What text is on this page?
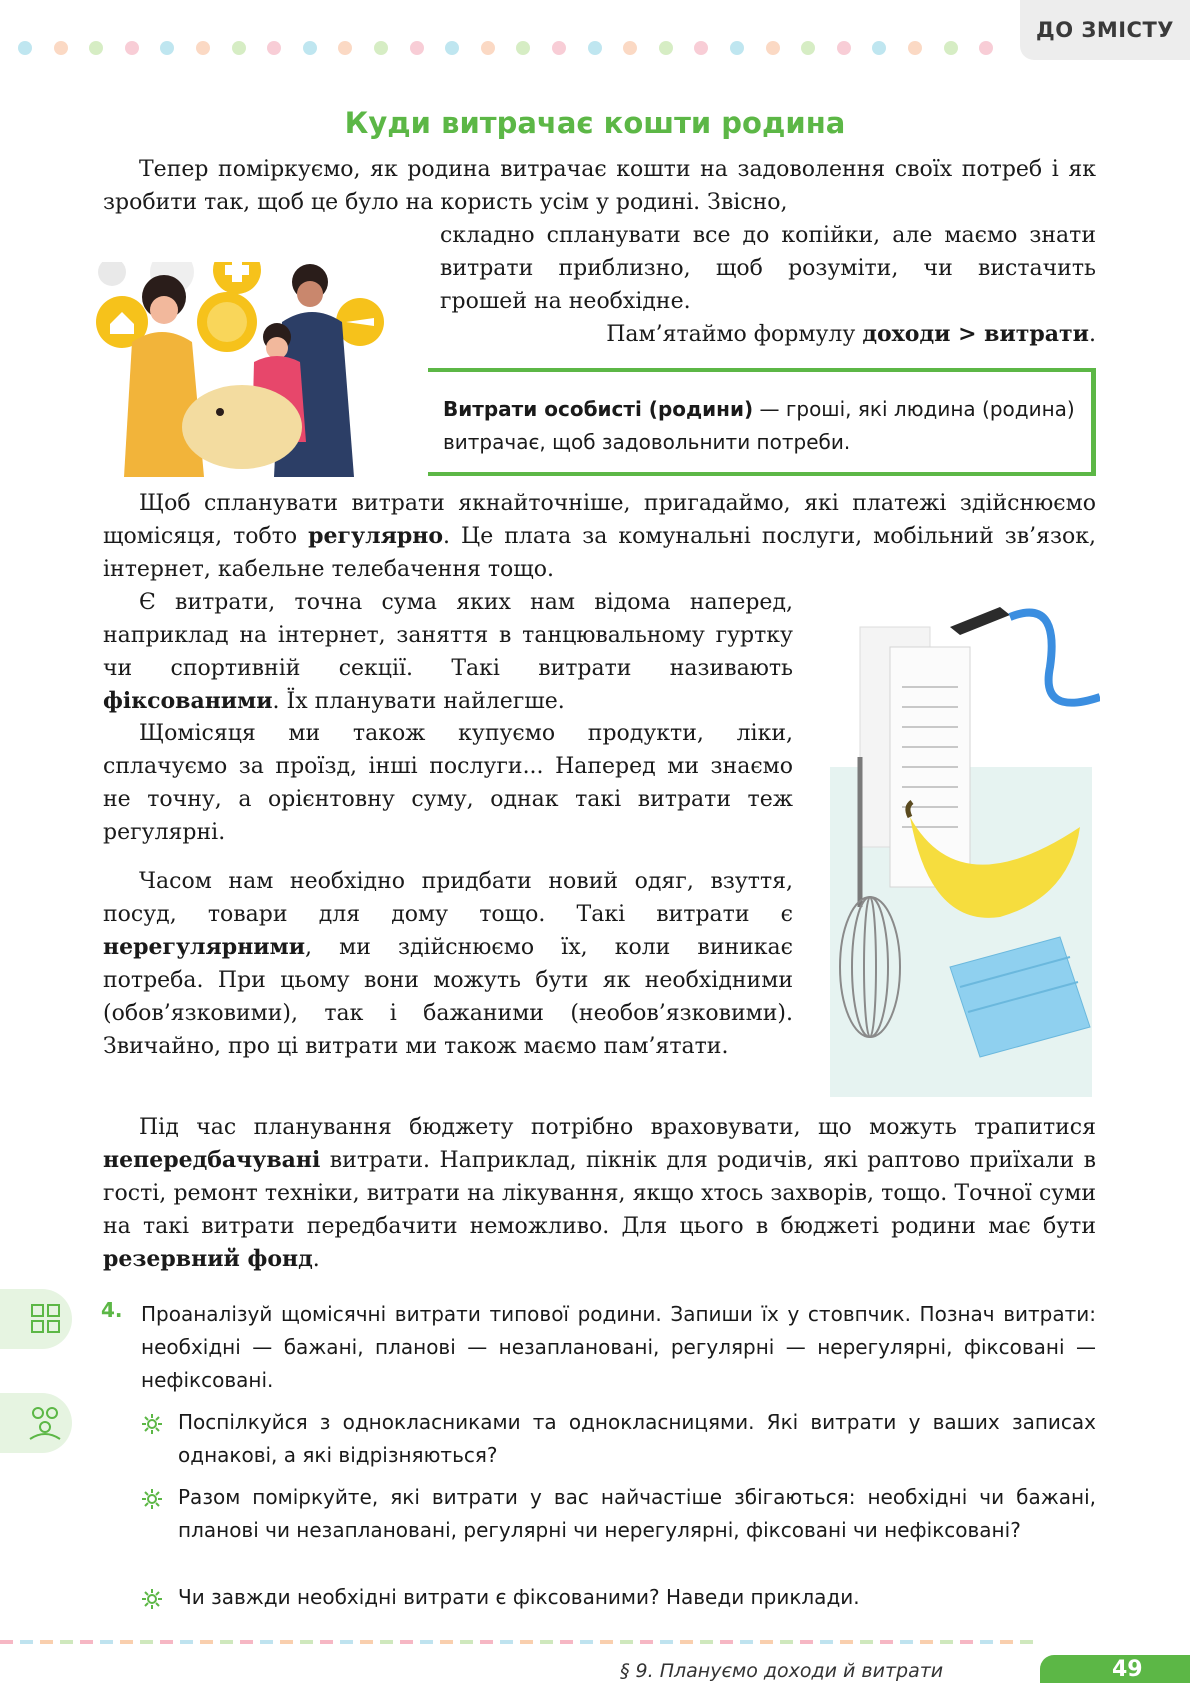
ДО ЗМІСТУ
Куди витрачає кошти родина

Тепер поміркуємо, як родина витрачає кошти на задоволення своїх потреб і як зробити так, щоб це було на користь усім у родині. Звісно,

складно спланувати все до копійки, але маємо знати витрати приблизно, щоб розуміти, чи вистачить грошей на необхідне.

Пам’ятаймо формулу доходи > витрати.

Витрати особисті (родини) — гроші, які людина (родина) витрачає, щоб задовольнити потреби.

Щоб спланувати витрати якнайточніше, пригадаймо, які платежі здійснюємо щомісяця, тобто регулярно. Це плата за комунальні послуги, мобільний зв’язок, інтернет, кабельне телебачення тощо.

Є витрати, точна сума яких нам відома наперед, наприклад на інтернет, заняття в танцювальному гуртку чи спортивній секції. Такі витрати називають фіксованими. Їх планувати найлегше.

Щомісяця ми також купуємо продукти, ліки, сплачуємо за проїзд, інші послуги... Наперед ми знаємо не точну, а орієнтовну суму, однак такі витрати теж регулярні.

Часом нам необхідно придбати новий одяг, взуття, посуд, товари для дому тощо. Такі витрати є нерегулярними, ми здійснюємо їх, коли виникає потреба. При цьому вони можуть бути як необхідними (обов’язковими), так і бажаними (необов’язковими). Звичайно, про ці витрати ми також маємо пам’ятати.

Під час планування бюджету потрібно враховувати, що можуть трапитися непередбачувані витрати. Наприклад, пікнік для родичів, які раптово приїхали в гості, ремонт техніки, витрати на лікування, якщо хтось захворів, тощо. Точної суми на такі витрати передбачити неможливо. Для цього в бюджеті родини має бути резервний фонд.

4. Проаналізуй щомісячні витрати типової родини. Запиши їх у стовпчик. Познач витрати: необхідні — бажані, планові — незаплановані, регулярні — нерегулярні, фіксовані — нефіксовані.
Поспілкуйся з однокласниками та однокласницями. Які витрати у ваших записах однакові, а які відрізняються?
Разом поміркуйте, які витрати у вас найчастіше збігаються: необхідні чи бажані, планові чи незаплановані, регулярні чи нерегулярні, фіксовані чи нефіксовані?
Чи завжди необхідні витрати є фіксованими? Наведи приклади.
§ 9. Плануємо доходи й витрати	49
